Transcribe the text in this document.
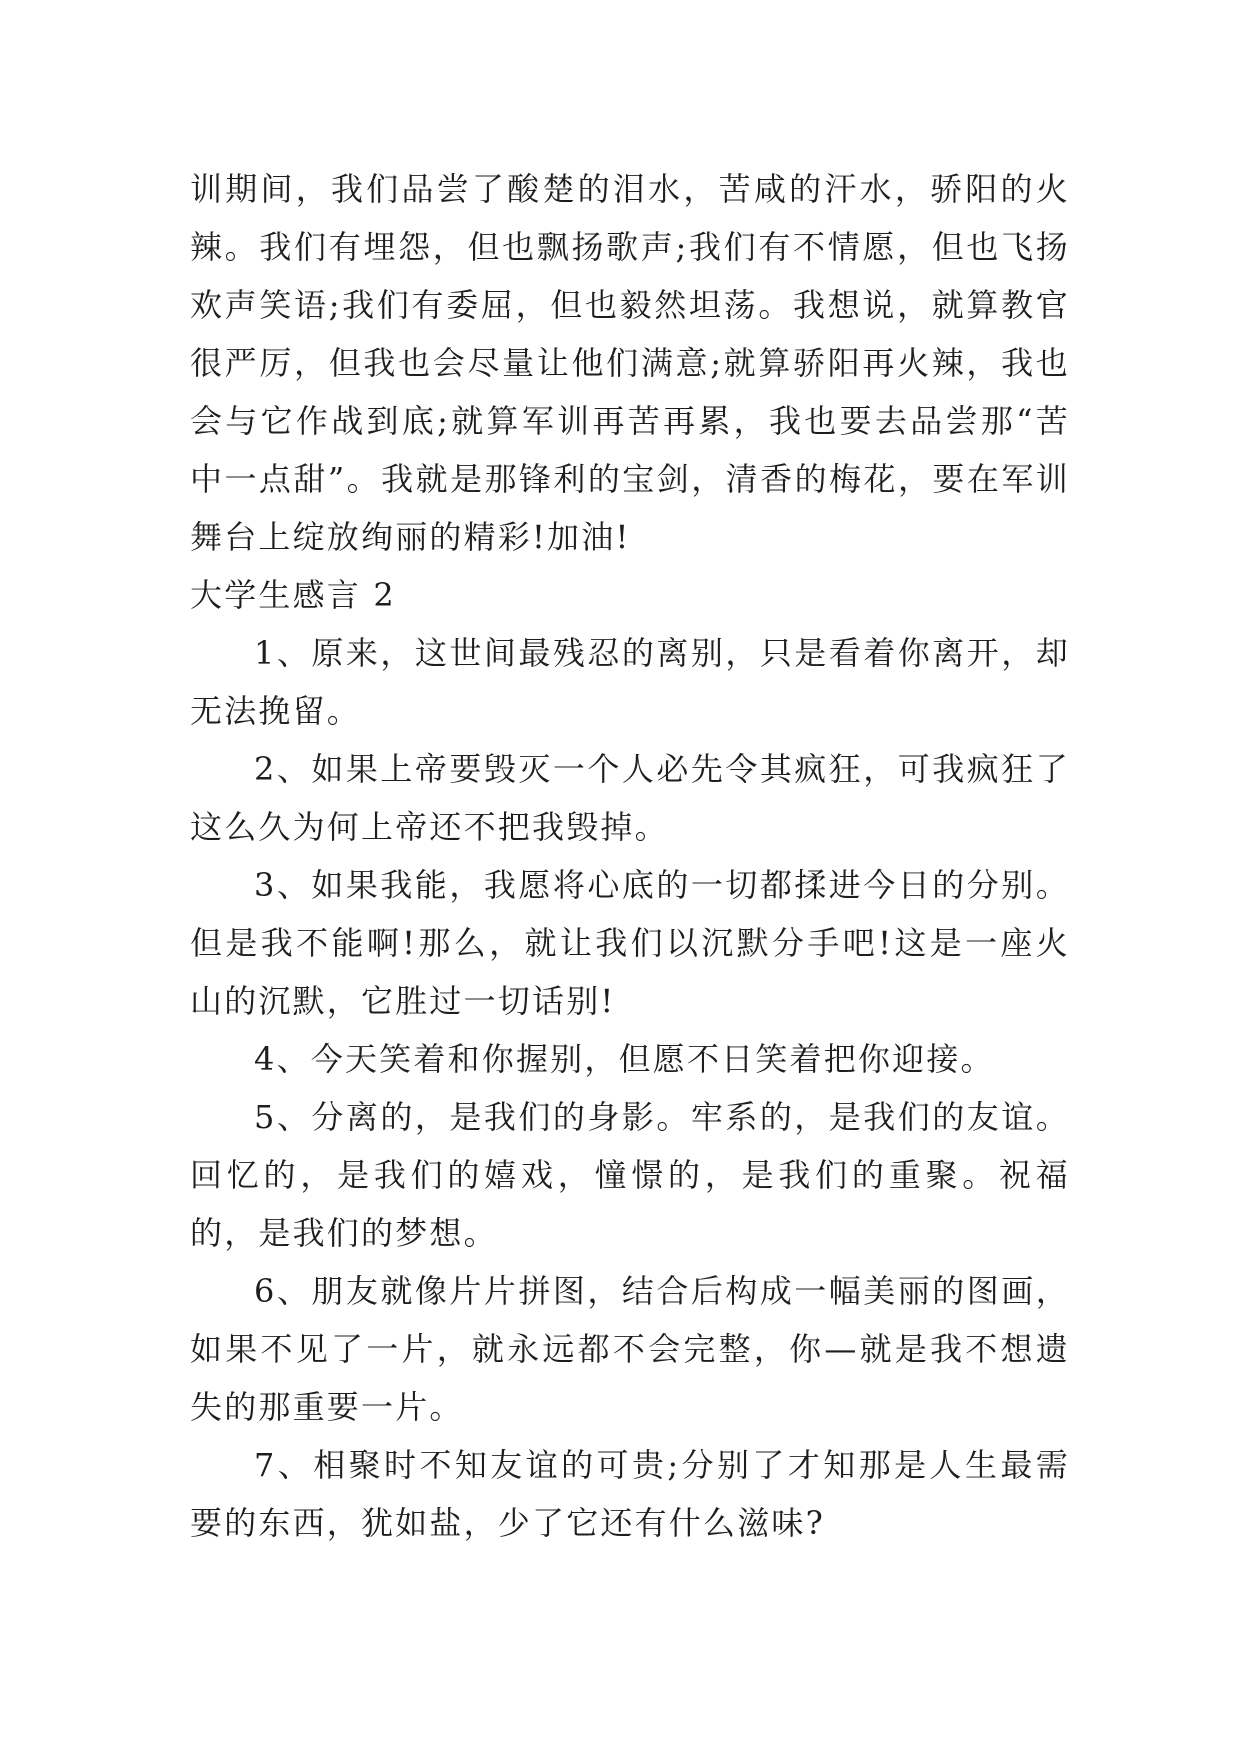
训期间，我们品尝了酸楚的泪水，苦咸的汗水，骄阳的火辣。我们有埋怨，但也飘扬歌声;我们有不情愿，但也飞扬欢声笑语;我们有委屈，但也毅然坦荡。我想说，就算教官很严厉，但我也会尽量让他们满意;就算骄阳再火辣，我也会与它作战到底;就算军训再苦再累，我也要去品尝那“苦中一点甜”。我就是那锋利的宝剑，清香的梅花，要在军训舞台上绽放绚丽的精彩!加油!

大学生感言 2

1、原来，这世间最残忍的离别，只是看着你离开，却无法挽留。

2、如果上帝要毁灭一个人必先令其疯狂，可我疯狂了这么久为何上帝还不把我毁掉。

3、如果我能，我愿将心底的一切都揉进今日的分别。但是我不能啊!那么，就让我们以沉默分手吧!这是一座火山的沉默，它胜过一切话别!

4、今天笑着和你握别，但愿不日笑着把你迎接。

5、分离的，是我们的身影。牢系的，是我们的友谊。回忆的，是我们的嬉戏，憧憬的，是我们的重聚。祝福的，是我们的梦想。

6、朋友就像片片拼图，结合后构成一幅美丽的图画，如果不见了一片，就永远都不会完整，你—就是我不想遗失的那重要一片。

7、相聚时不知友谊的可贵;分别了才知那是人生最需要的东西，犹如盐，少了它还有什么滋味?
